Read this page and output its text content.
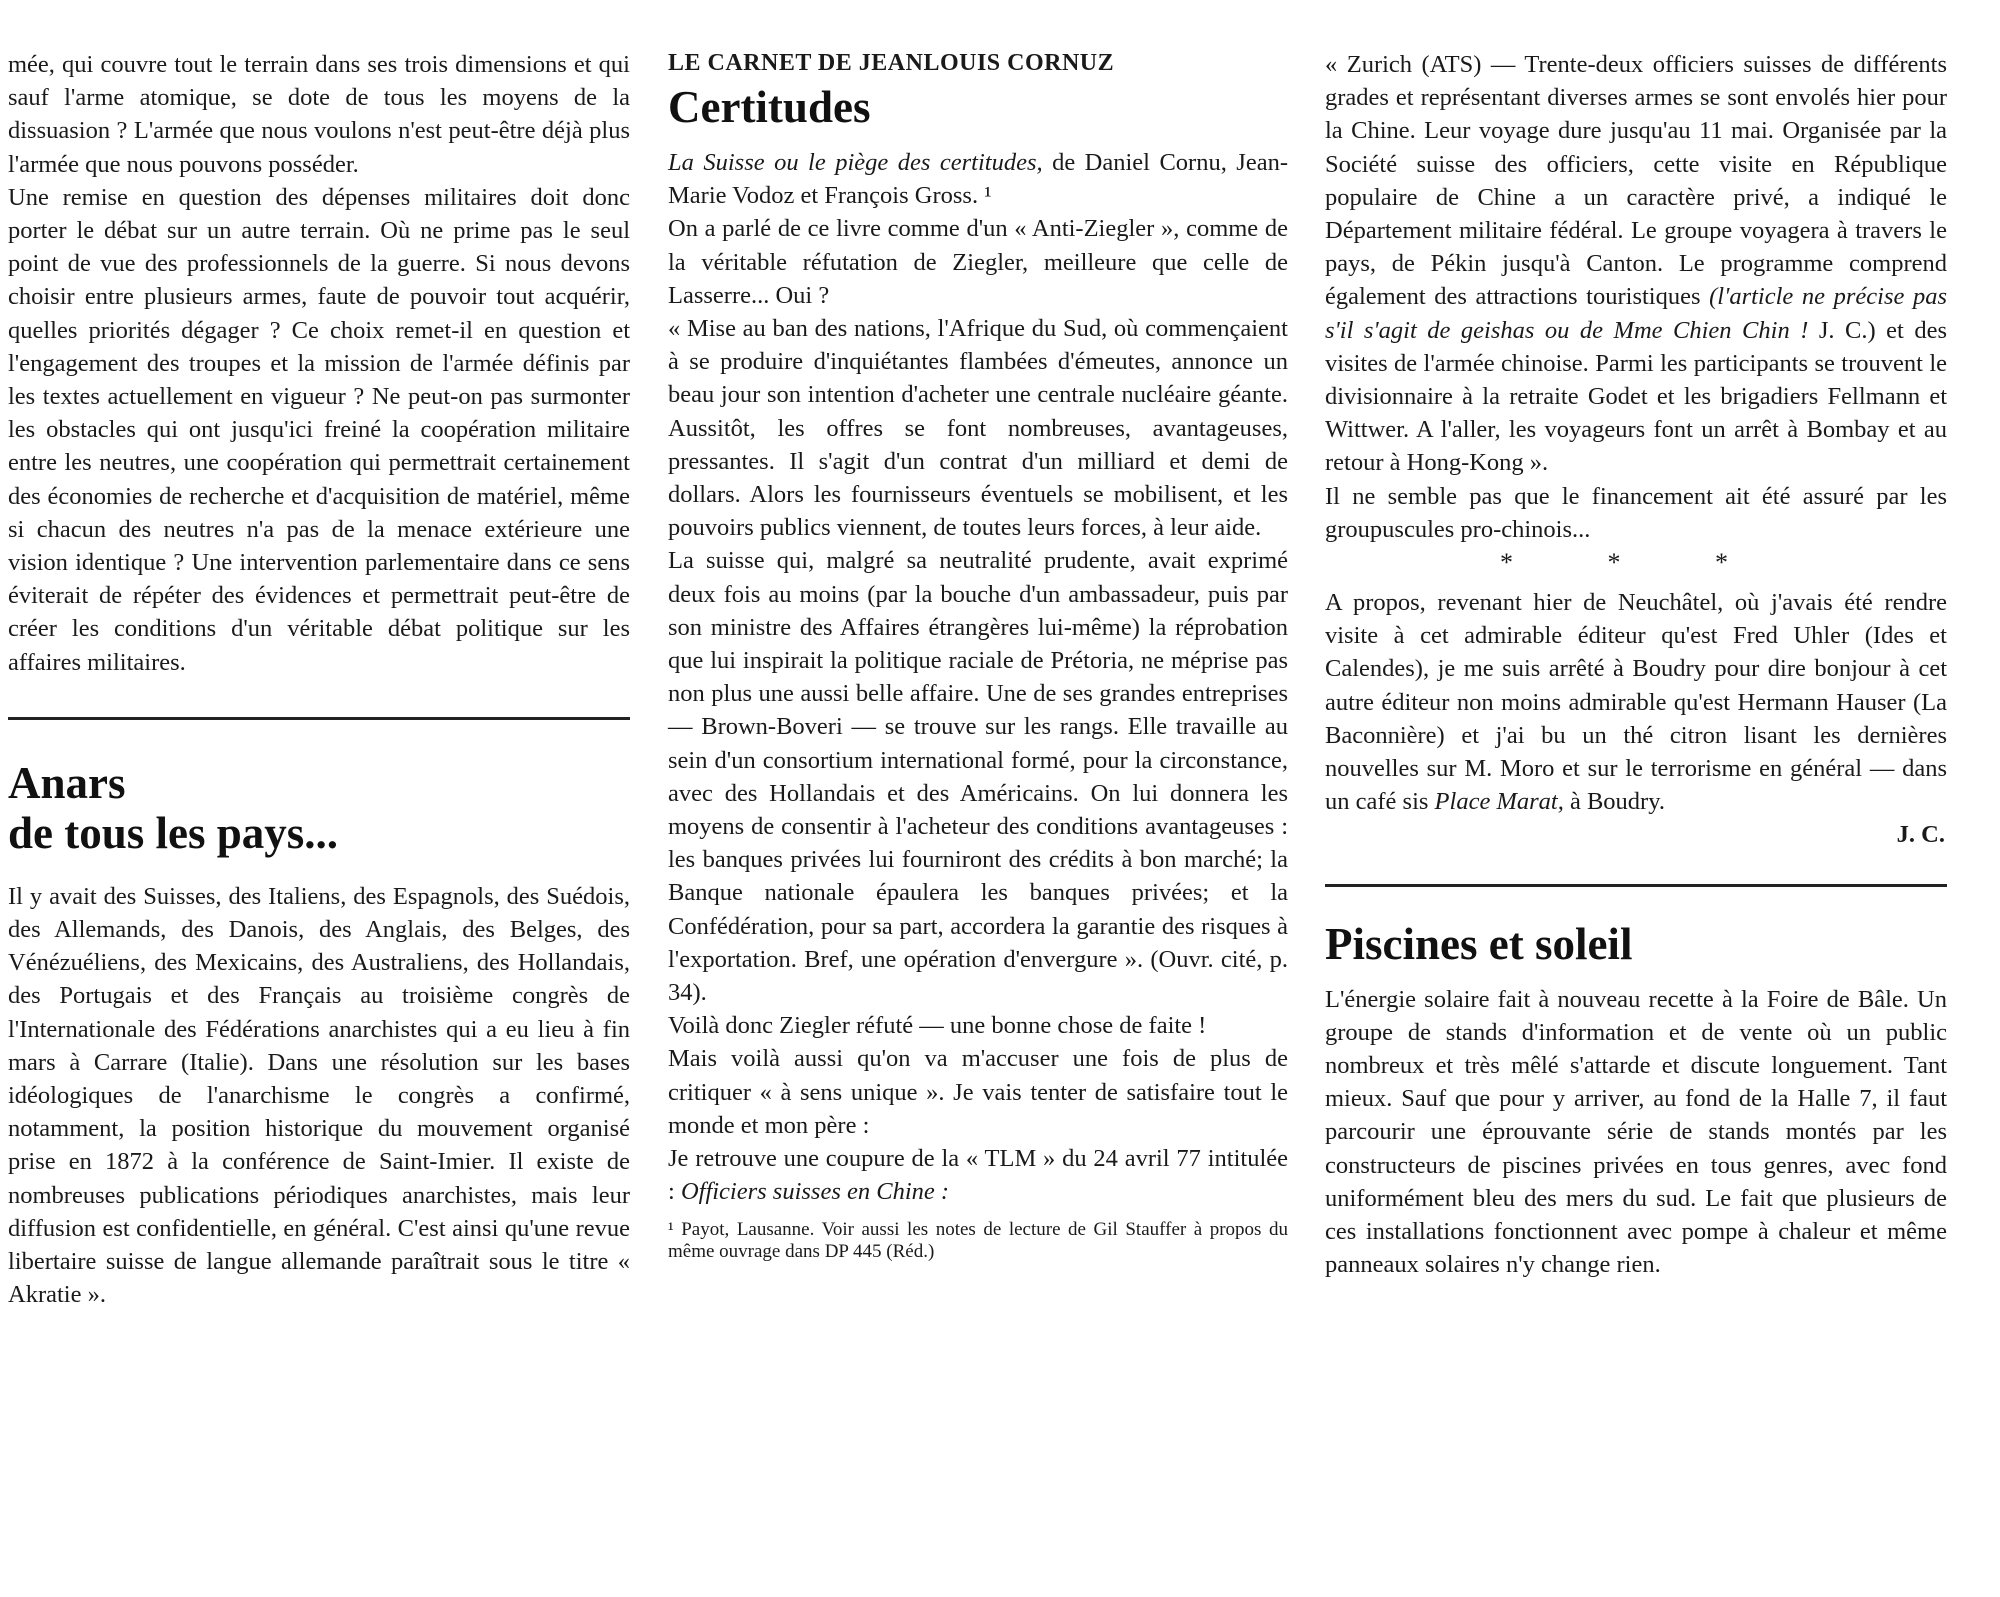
mée, qui couvre tout le terrain dans ses trois dimensions et qui sauf l'arme atomique, se dote de tous les moyens de la dissuasion ? L'armée que nous voulons n'est peut-être déjà plus l'armée que nous pouvons posséder.

Une remise en question des dépenses militaires doit donc porter le débat sur un autre terrain. Où ne prime pas le seul point de vue des professionnels de la guerre. Si nous devons choisir entre plusieurs armes, faute de pouvoir tout acquérir, quelles priorités dégager ? Ce choix remet-il en question et l'engagement des troupes et la mission de l'armée définis par les textes actuellement en vigueur ? Ne peut-on pas surmonter les obstacles qui ont jusqu'ici freiné la coopération militaire entre les neutres, une coopération qui permettrait certainement des économies de recherche et d'acquisition de matériel, même si chacun des neutres n'a pas de la menace extérieure une vision identique ? Une intervention parlementaire dans ce sens éviterait de répéter des évidences et permettrait peut-être de créer les conditions d'un véritable débat politique sur les affaires militaires.

Anars
de tous les pays...

Il y avait des Suisses, des Italiens, des Espagnols, des Suédois, des Allemands, des Danois, des Anglais, des Belges, des Vénézuéliens, des Mexicains, des Australiens, des Hollandais, des Portugais et des Français au troisième congrès de l'Internationale des Fédérations anarchistes qui a eu lieu à fin mars à Carrare (Italie). Dans une résolution sur les bases idéologiques de l'anarchisme le congrès a confirmé, notamment, la position historique du mouvement organisé prise en 1872 à la conférence de Saint-Imier. Il existe de nombreuses publications périodiques anarchistes, mais leur diffusion est confidentielle, en général. C'est ainsi qu'une revue libertaire suisse de langue allemande paraîtrait sous le titre « Akratie ».

LE CARNET DE JEANLOUIS CORNUZ
Certitudes

La Suisse ou le piège des certitudes, de Daniel Cornu, Jean-Marie Vodoz et François Gross. ¹

On a parlé de ce livre comme d'un « Anti-Ziegler », comme de la véritable réfutation de Ziegler, meilleure que celle de Lasserre... Oui ?

« Mise au ban des nations, l'Afrique du Sud, où commençaient à se produire d'inquiétantes flambées d'émeutes, annonce un beau jour son intention d'acheter une centrale nucléaire géante. Aussitôt, les offres se font nombreuses, avantageuses, pressantes. Il s'agit d'un contrat d'un milliard et demi de dollars. Alors les fournisseurs éventuels se mobilisent, et les pouvoirs publics viennent, de toutes leurs forces, à leur aide.

La suisse qui, malgré sa neutralité prudente, avait exprimé deux fois au moins (par la bouche d'un ambassadeur, puis par son ministre des Affaires étrangères lui-même) la réprobation que lui inspirait la politique raciale de Prétoria, ne méprise pas non plus une aussi belle affaire. Une de ses grandes entreprises — Brown-Boveri — se trouve sur les rangs. Elle travaille au sein d'un consortium international formé, pour la circonstance, avec des Hollandais et des Américains. On lui donnera les moyens de consentir à l'acheteur des conditions avantageuses : les banques privées lui fourniront des crédits à bon marché; la Banque nationale épaulera les banques privées; et la Confédération, pour sa part, accordera la garantie des risques à l'exportation. Bref, une opération d'envergure ». (Ouvr. cité, p. 34).

Voilà donc Ziegler réfuté — une bonne chose de faite !

Mais voilà aussi qu'on va m'accuser une fois de plus de critiquer « à sens unique ». Je vais tenter de satisfaire tout le monde et mon père :

Je retrouve une coupure de la « TLM » du 24 avril 77 intitulée : Officiers suisses en Chine :

¹ Payot, Lausanne. Voir aussi les notes de lecture de Gil Stauffer à propos du même ouvrage dans DP 445 (Réd.)

« Zurich (ATS) — Trente-deux officiers suisses de différents grades et représentant diverses armes se sont envolés hier pour la Chine. Leur voyage dure jusqu'au 11 mai. Organisée par la Société suisse des officiers, cette visite en République populaire de Chine a un caractère privé, a indiqué le Département militaire fédéral. Le groupe voyagera à travers le pays, de Pékin jusqu'à Canton. Le programme comprend également des attractions touristiques (l'article ne précise pas s'il s'agit de geishas ou de Mme Chien Chin ! J. C.) et des visites de l'armée chinoise. Parmi les participants se trouvent le divisionnaire à la retraite Godet et les brigadiers Fellmann et Wittwer. A l'aller, les voyageurs font un arrêt à Bombay et au retour à Hong-Kong ».

Il ne semble pas que le financement ait été assuré par les groupuscules pro-chinois...

* * *

A propos, revenant hier de Neuchâtel, où j'avais été rendre visite à cet admirable éditeur qu'est Fred Uhler (Ides et Calendes), je me suis arrêté à Boudry pour dire bonjour à cet autre éditeur non moins admirable qu'est Hermann Hauser (La Baconnière) et j'ai bu un thé citron lisant les dernières nouvelles sur M. Moro et sur le terrorisme en général — dans un café sis Place Marat, à Boudry.

J. C.

Piscines et soleil

L'énergie solaire fait à nouveau recette à la Foire de Bâle. Un groupe de stands d'information et de vente où un public nombreux et très mêlé s'attarde et discute longuement. Tant mieux. Sauf que pour y arriver, au fond de la Halle 7, il faut parcourir une éprouvante série de stands montés par les constructeurs de piscines privées en tous genres, avec fond uniformément bleu des mers du sud. Le fait que plusieurs de ces installations fonctionnent avec pompe à chaleur et même panneaux solaires n'y change rien.
